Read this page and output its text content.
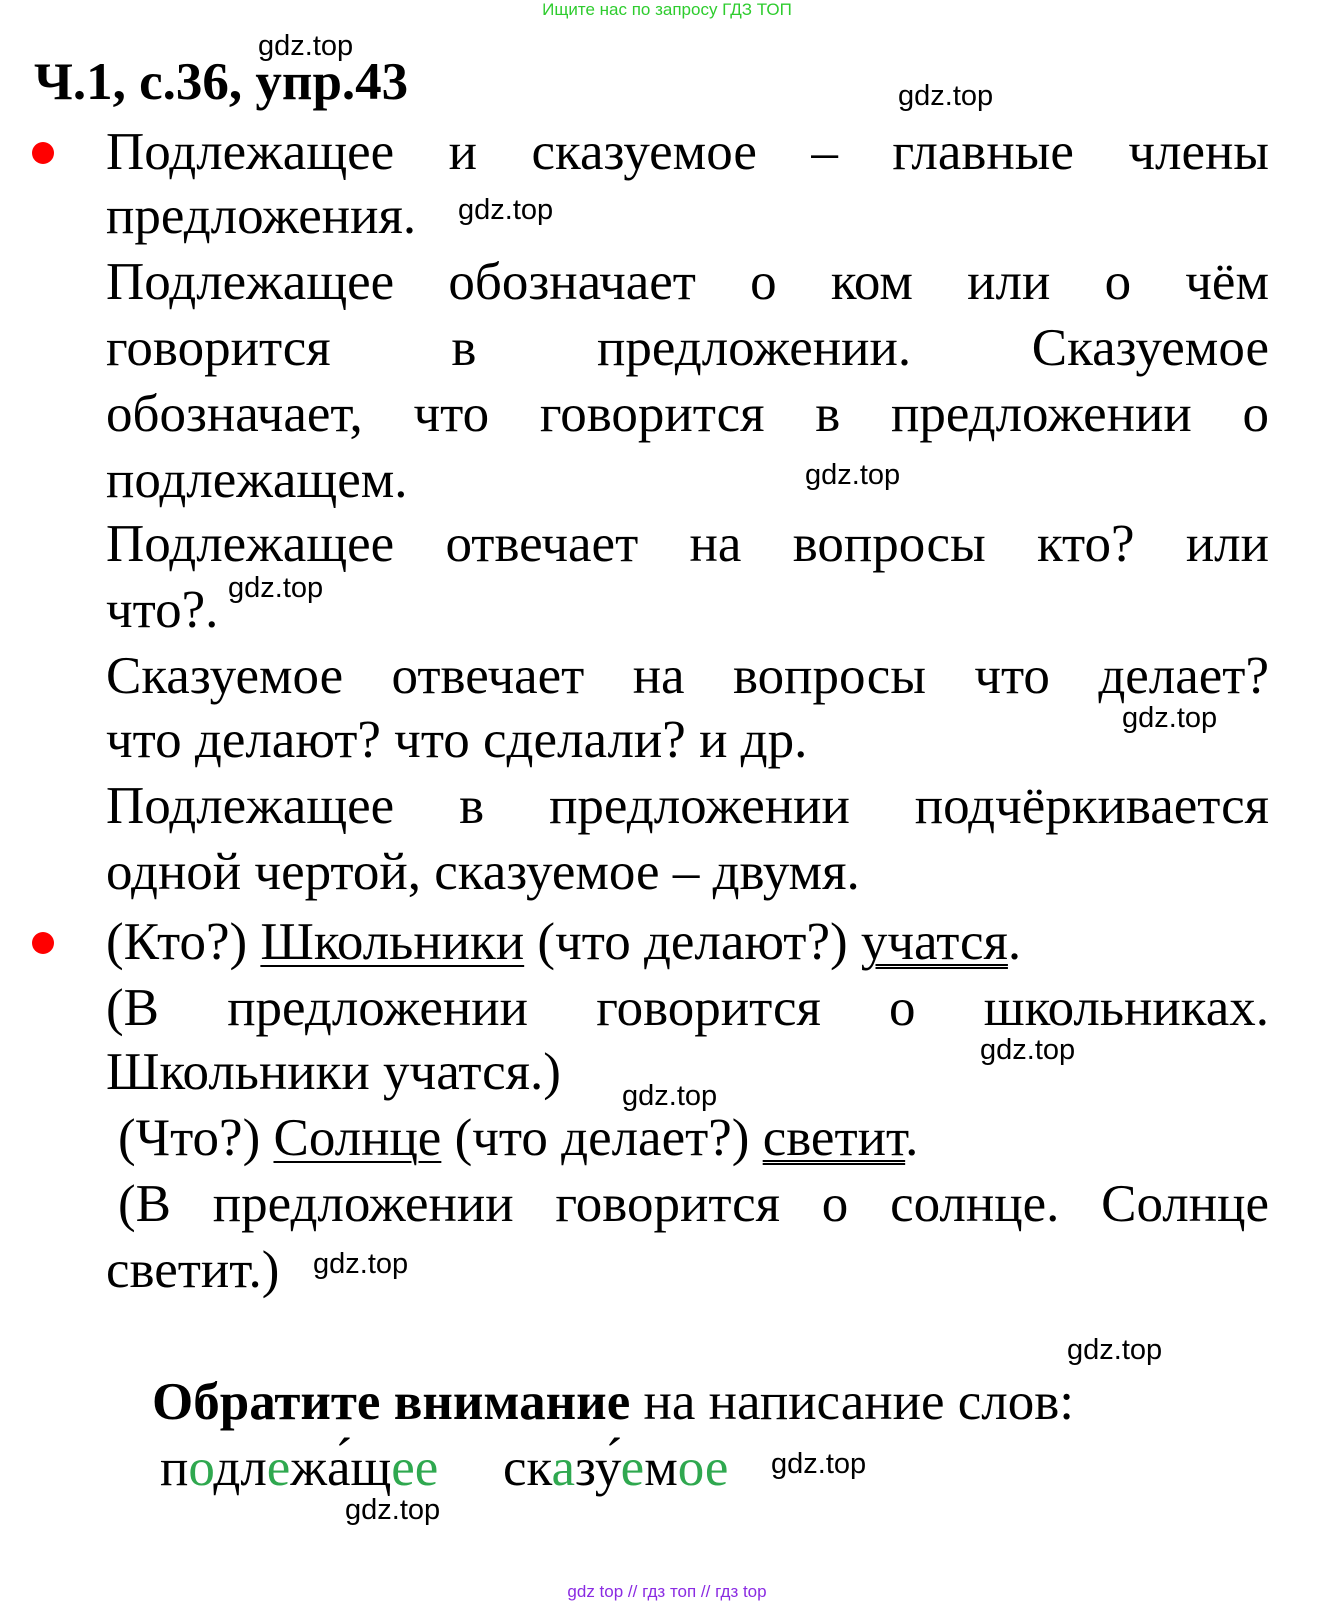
Ищите нас по запросу ГДЗ ТОП
Ч.1, с.36, упр.43
gdz.top
gdz.top
gdz.top
gdz.top
gdz.top
gdz.top
gdz.top
gdz.top
gdz.top
gdz.top
gdz.top
gdz.top
Подлежащее и сказуемое – главные члены
предложения.
Подлежащее обозначает о ком или о чём
говорится в предложении. Сказуемое
обозначает, что говорится в предложении о
подлежащем.
Подлежащее отвечает на вопросы кто? или
что?.
Сказуемое отвечает на вопросы что делает?
что делают? что сделали? и др.
Подлежащее в предложении подчёркивается
одной чертой, сказуемое – двумя.
(Кто?) Школьники (что делают?) учатся.
(В предложении говорится о школьниках.
Школьники учатся.)
(Что?) Солнце (что делает?) светит.
(В предложении говорится о солнце. Солнце
светит.)
Обратите внимание на написание слов:
подлежа́щее сказу́емое
gdz top // гдз топ // гдз top
